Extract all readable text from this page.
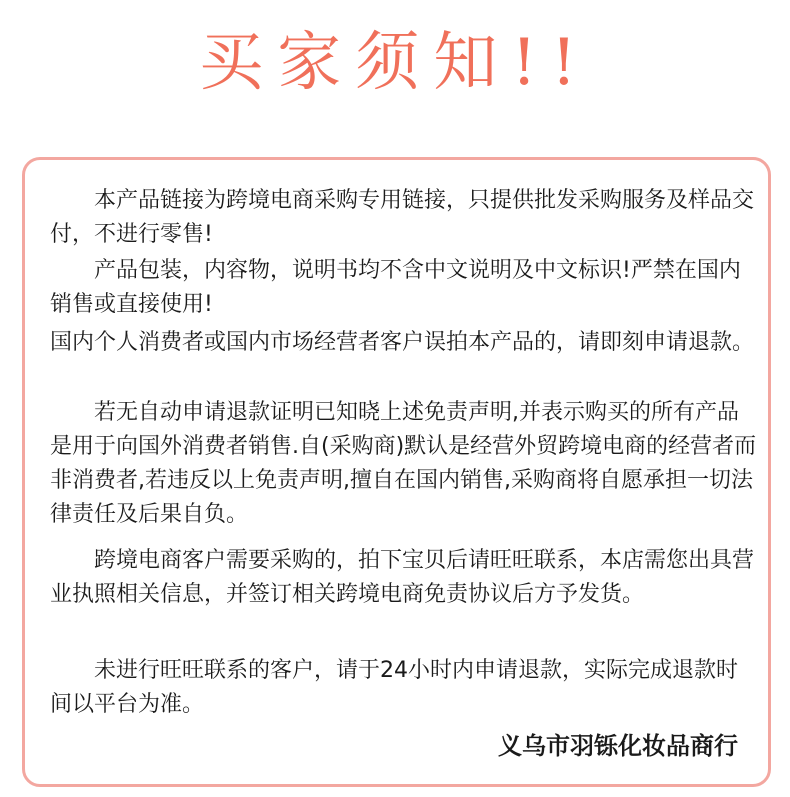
买家须知!!

　　本产品链接为跨境电商采购专用链接，只提供批发采购服务及样品交付，不进行零售!

　　产品包装，内容物，说明书均不含中文说明及中文标识!严禁在国内销售或直接使用!

国内个人消费者或国内市场经营者客户误拍本产品的，请即刻申请退款。

　　若无自动申请退款证明已知晓上述免责声明,并表示购买的所有产品是用于向国外消费者销售.自(采购商)默认是经营外贸跨境电商的经营者而非消费者,若违反以上免责声明,擅自在国内销售,采购商将自愿承担一切法律责任及后果自负。

　　跨境电商客户需要采购的，拍下宝贝后请旺旺联系，本店需您出具营业执照相关信息，并签订相关跨境电商免责协议后方予发货。

　　未进行旺旺联系的客户，请于24小时内申请退款，实际完成退款时间以平台为准。

义乌市羽铄化妆品商行
